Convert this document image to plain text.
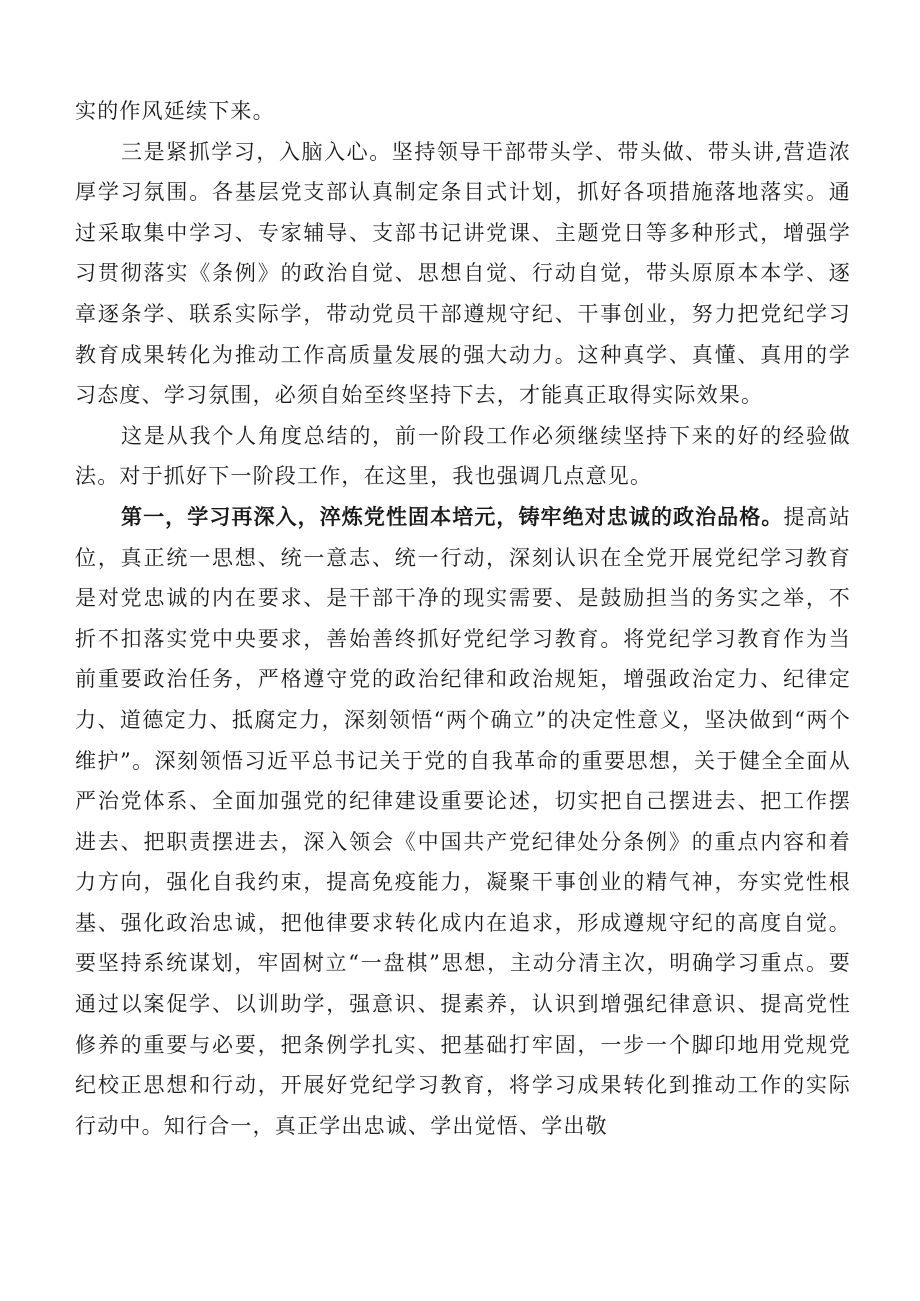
实的作风延续下来。

三是紧抓学习，入脑入心。坚持领导干部带头学、带头做、带头讲,营造浓厚学习氛围。各基层党支部认真制定条目式计划，抓好各项措施落地落实。通过采取集中学习、专家辅导、支部书记讲党课、主题党日等多种形式，增强学习贯彻落实《条例》的政治自觉、思想自觉、行动自觉，带头原原本本学、逐章逐条学、联系实际学，带动党员干部遵规守纪、干事创业，努力把党纪学习教育成果转化为推动工作高质量发展的强大动力。这种真学、真懂、真用的学习态度、学习氛围，必须自始至终坚持下去，才能真正取得实际效果。

这是从我个人角度总结的，前一阶段工作必须继续坚持下来的好的经验做法。对于抓好下一阶段工作，在这里，我也强调几点意见。

第一，学习再深入，淬炼党性固本培元，铸牢绝对忠诚的政治品格。提高站位，真正统一思想、统一意志、统一行动，深刻认识在全党开展党纪学习教育是对党忠诚的内在要求、是干部干净的现实需要、是鼓励担当的务实之举，不折不扣落实党中央要求，善始善终抓好党纪学习教育。将党纪学习教育作为当前重要政治任务，严格遵守党的政治纪律和政治规矩，增强政治定力、纪律定力、道德定力、抵腐定力，深刻领悟“两个确立”的决定性意义，坚决做到“两个维护”。深刻领悟习近平总书记关于党的自我革命的重要思想，关于健全全面从严治党体系、全面加强党的纪律建设重要论述，切实把自己摆进去、把工作摆进去、把职责摆进去，深入领会《中国共产党纪律处分条例》的重点内容和着力方向，强化自我约束，提高免疫能力，凝聚干事创业的精气神，夯实党性根基、强化政治忠诚，把他律要求转化成内在追求，形成遵规守纪的高度自觉。要坚持系统谋划，牢固树立“一盘棋”思想，主动分清主次，明确学习重点。要通过以案促学、以训助学，强意识、提素养，认识到增强纪律意识、提高党性修养的重要与必要，把条例学扎实、把基础打牢固，一步一个脚印地用党规党纪校正思想和行动，开展好党纪学习教育，将学习成果转化到推动工作的实际行动中。知行合一，真正学出忠诚、学出觉悟、学出敬
